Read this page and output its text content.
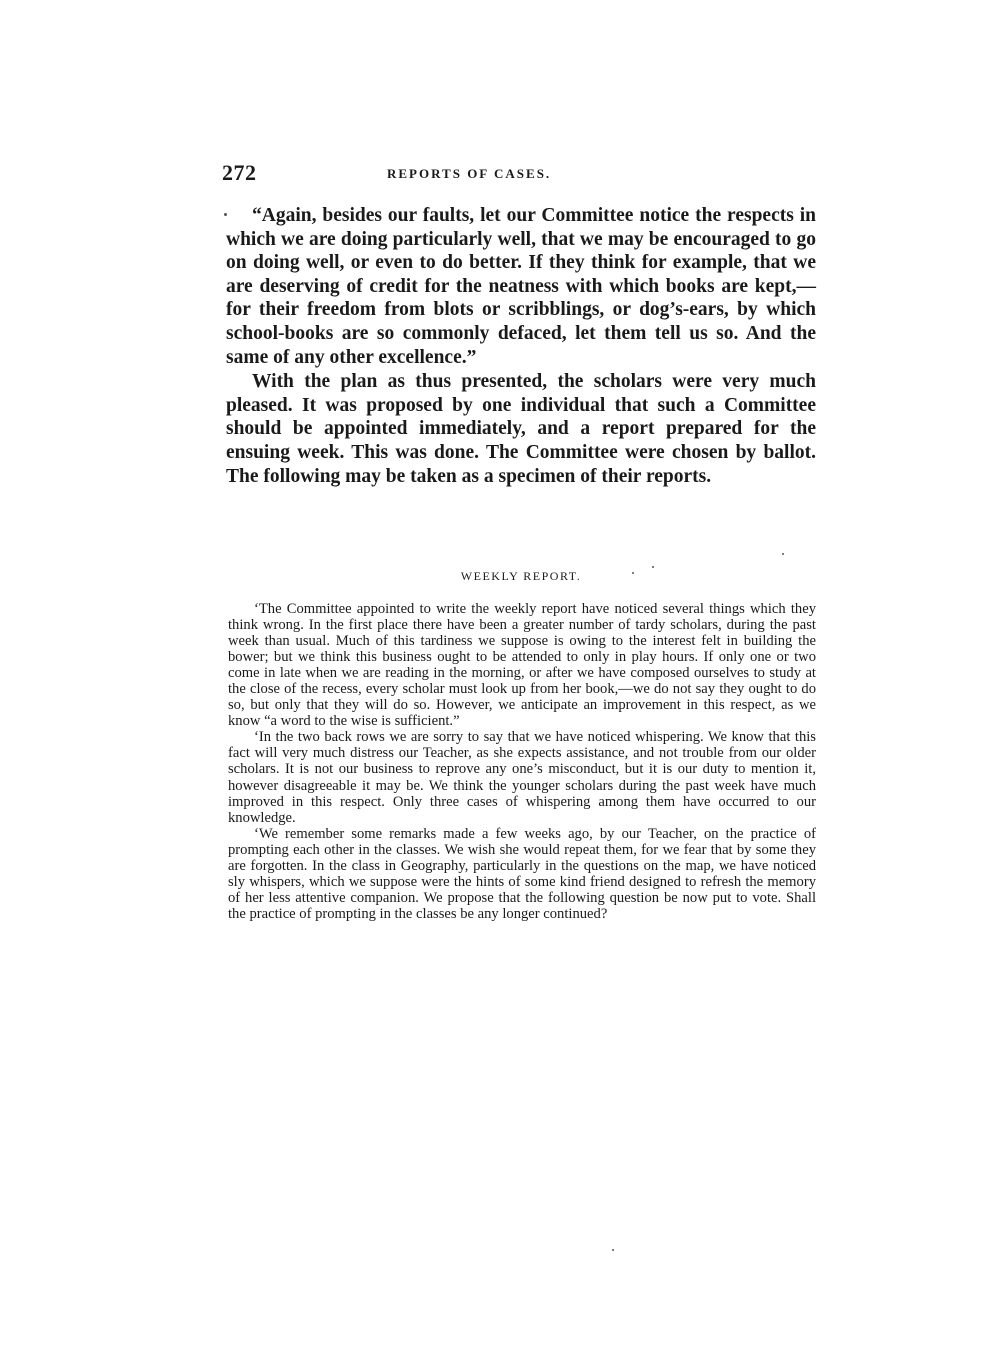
272	REPORTS OF CASES.

“Again, besides our faults, let our Committee notice the respects in which we are doing particularly well, that we may be encouraged to go on doing well, or even to do better. If they think for example, that we are deserving of credit for the neatness with which books are kept,—for their freedom from blots or scribblings, or dog’s-ears, by which school-books are so commonly defaced, let them tell us so. And the same of any other excellence.”

With the plan as thus presented, the scholars were very much pleased. It was proposed by one individual that such a Committee should be appointed immediately, and a report prepared for the ensuing week. This was done. The Committee were chosen by ballot. The following may be taken as a specimen of their reports.

WEEKLY REPORT.

‘The Committee appointed to write the weekly report have noticed several things which they think wrong. In the first place there have been a greater number of tardy scholars, during the past week than usual. Much of this tardiness we suppose is owing to the interest felt in building the bower; but we think this business ought to be attended to only in play hours. If only one or two come in late when we are reading in the morning, or after we have composed ourselves to study at the close of the recess, every scholar must look up from her book,—we do not say they ought to do so, but only that they will do so. However, we anticipate an improvement in this respect, as we know “a word to the wise is sufficient.”

‘In the two back rows we are sorry to say that we have noticed whispering. We know that this fact will very much distress our Teacher, as she expects assistance, and not trouble from our older scholars. It is not our business to reprove any one’s misconduct, but it is our duty to mention it, however disagreeable it may be. We think the younger scholars during the past week have much improved in this respect. Only three cases of whispering among them have occurred to our knowledge.

‘We remember some remarks made a few weeks ago, by our Teacher, on the practice of prompting each other in the classes. We wish she would repeat them, for we fear that by some they are forgotten. In the class in Geography, particularly in the questions on the map, we have noticed sly whispers, which we suppose were the hints of some kind friend designed to refresh the memory of her less attentive companion. We propose that the following question be now put to vote. Shall the practice of prompting in the classes be any longer continued?
